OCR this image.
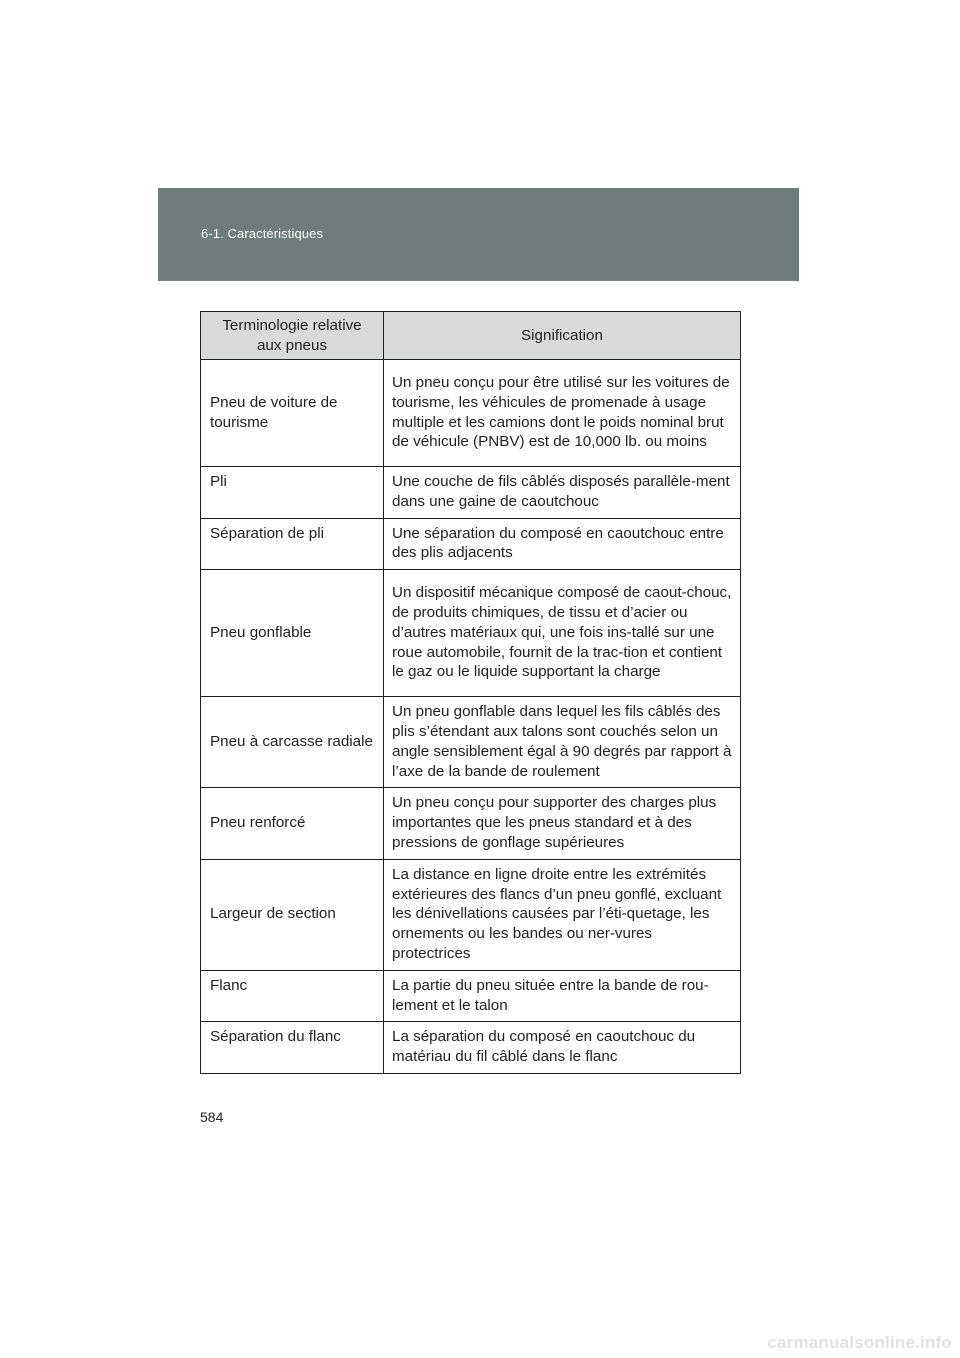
6-1. Caractéristiques
Terminologie relative aux pneus	Signification
Pneu de voiture de tourisme	Un pneu conçu pour être utilisé sur les voitures de tourisme, les véhicules de promenade à usage multiple et les camions dont le poids nominal brut de véhicule (PNBV) est de 10,000 lb. ou moins
Pli	Une couche de fils câblés disposés parallèle-ment dans une gaine de caoutchouc
Séparation de pli	Une séparation du composé en caoutchouc entre des plis adjacents
Pneu gonflable	Un dispositif mécanique composé de caout-chouc, de produits chimiques, de tissu et d’acier ou d’autres matériaux qui, une fois ins-tallé sur une roue automobile, fournit de la trac-tion et contient le gaz ou le liquide supportant la charge
Pneu à carcasse radiale	Un pneu gonflable dans lequel les fils câblés des plis s’étendant aux talons sont couchés selon un angle sensiblement égal à 90 degrés par rapport à l’axe de la bande de roulement
Pneu renforcé	Un pneu conçu pour supporter des charges plus importantes que les pneus standard et à des pressions de gonflage supérieures
Largeur de section	La distance en ligne droite entre les extrémités extérieures des flancs d’un pneu gonflé, excluant les dénivellations causées par l’éti-quetage, les ornements ou les bandes ou ner-vures protectrices
Flanc	La partie du pneu située entre la bande de rou-lement et le talon
Séparation du flanc	La séparation du composé en caoutchouc du matériau du fil câblé dans le flanc
584
carmanualsonline.info
